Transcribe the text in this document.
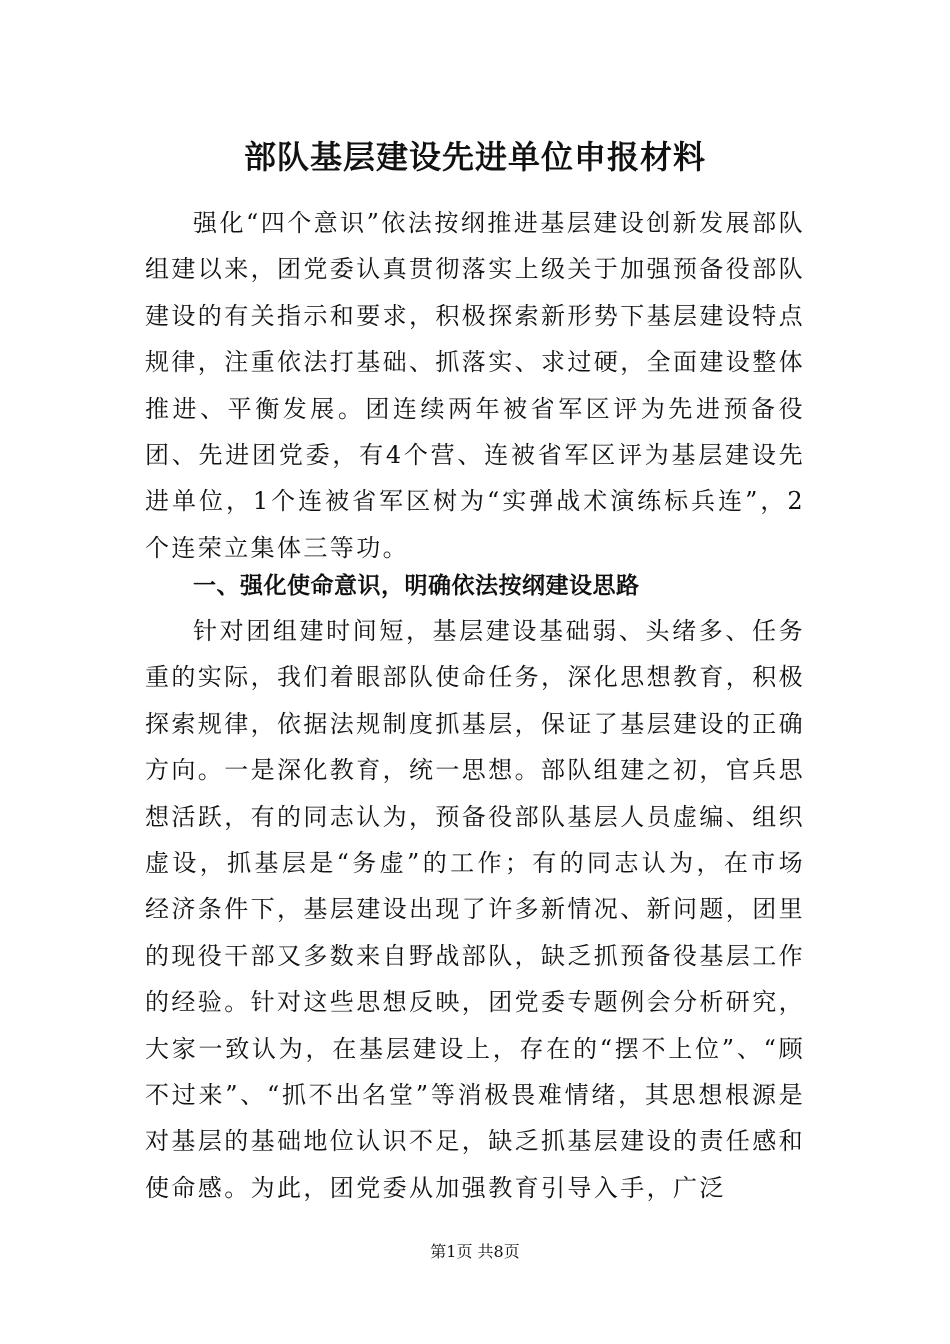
部队基层建设先进单位申报材料

强化“四个意识”依法按纲推进基层建设创新发展部队组建以来，团党委认真贯彻落实上级关于加强预备役部队建设的有关指示和要求，积极探索新形势下基层建设特点规律，注重依法打基础、抓落实、求过硬，全面建设整体推进、平衡发展。团连续两年被省军区评为先进预备役团、先进团党委，有4个营、连被省军区评为基层建设先进单位，1个连被省军区树为“实弹战术演练标兵连”，2个连荣立集体三等功。

一、强化使命意识，明确依法按纲建设思路

针对团组建时间短，基层建设基础弱、头绪多、任务重的实际，我们着眼部队使命任务，深化思想教育，积极探索规律，依据法规制度抓基层，保证了基层建设的正确方向。一是深化教育，统一思想。部队组建之初，官兵思想活跃，有的同志认为，预备役部队基层人员虚编、组织虚设，抓基层是“务虚”的工作；有的同志认为，在市场经济条件下，基层建设出现了许多新情况、新问题，团里的现役干部又多数来自野战部队，缺乏抓预备役基层工作的经验。针对这些思想反映，团党委专题例会分析研究，大家一致认为，在基层建设上，存在的“摆不上位”、“顾不过来”、“抓不出名堂”等消极畏难情绪，其思想根源是对基层的基础地位认识不足，缺乏抓基层建设的责任感和使命感。为此，团党委从加强教育引导入手，广泛

第1页 共8页
